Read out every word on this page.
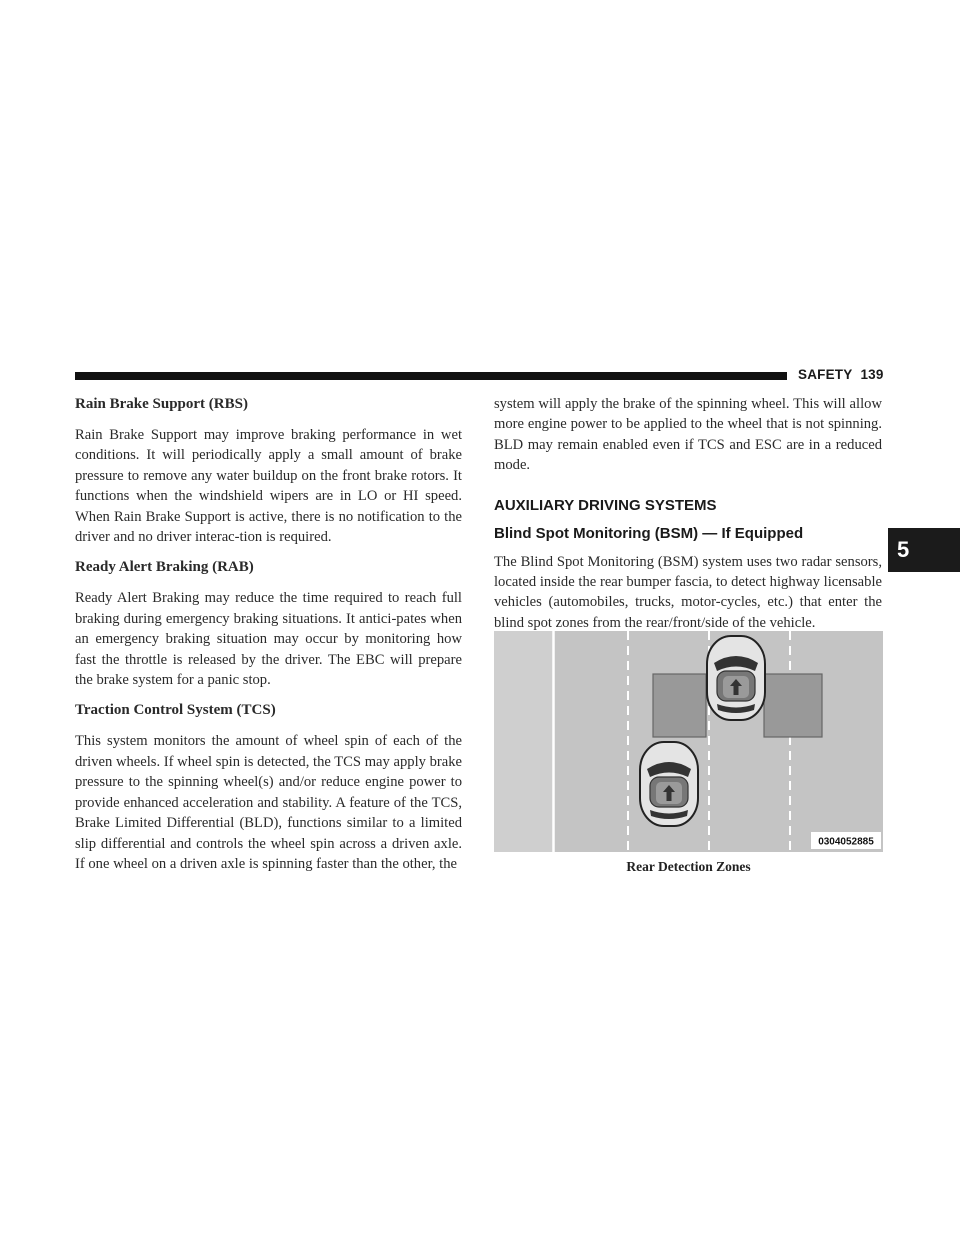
SAFETY 139
5
Rain Brake Support (RBS)

Rain Brake Support may improve braking performance in wet conditions. It will periodically apply a small amount of brake pressure to remove any water buildup on the front brake rotors. It functions when the windshield wipers are in LO or HI speed. When Rain Brake Support is active, there is no notification to the driver and no driver interac-tion is required.

Ready Alert Braking (RAB)

Ready Alert Braking may reduce the time required to reach full braking during emergency braking situations. It antici-pates when an emergency braking situation may occur by monitoring how fast the throttle is released by the driver. The EBC will prepare the brake system for a panic stop.

Traction Control System (TCS)

This system monitors the amount of wheel spin of each of the driven wheels. If wheel spin is detected, the TCS may apply brake pressure to the spinning wheel(s) and/or reduce engine power to provide enhanced acceleration and stability. A feature of the TCS, Brake Limited Differential (BLD), functions similar to a limited slip differential and controls the wheel spin across a driven axle. If one wheel on a driven axle is spinning faster than the other, the

system will apply the brake of the spinning wheel. This will allow more engine power to be applied to the wheel that is not spinning. BLD may remain enabled even if TCS and ESC are in a reduced mode.

AUXILIARY DRIVING SYSTEMS
Blind Spot Monitoring (BSM) — If Equipped

The Blind Spot Monitoring (BSM) system uses two radar sensors, located inside the rear bumper fascia, to detect highway licensable vehicles (automobiles, trucks, motor-cycles, etc.) that enter the blind spot zones from the rear/front/side of the vehicle.

0304052885
Rear Detection Zones
